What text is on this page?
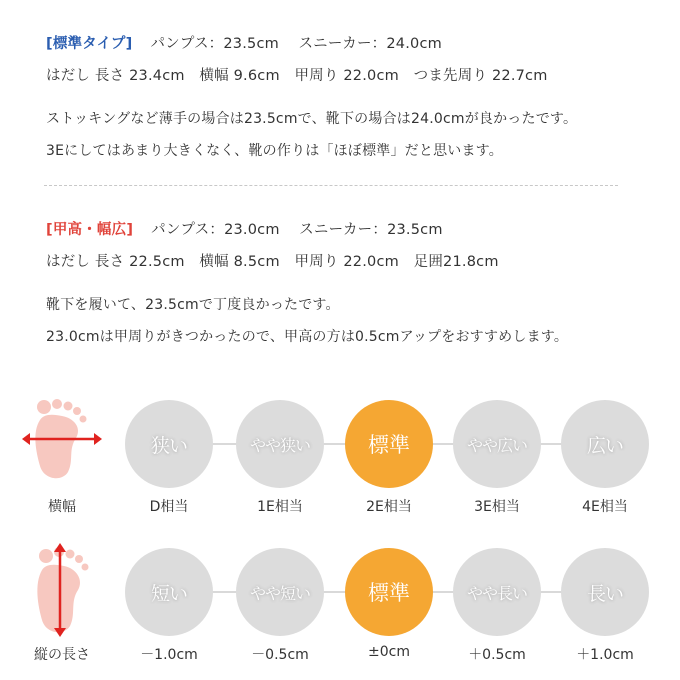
[標準タイプ] パンプス：23.5cm　 スニーカー：24.0cm
はだし 長さ 23.4cm　横幅 9.6cm　甲周り 22.0cm　つま先周り 22.7cm
ストッキングなど薄手の場合は23.5cmで、靴下の場合は24.0cmが良かったです。
3Eにしてはあまり大きくなく、靴の作りは「ほぼ標準」だと思います。
[甲高・幅広] パンプス：23.0cm　 スニーカー：23.5cm
はだし 長さ 22.5cm　横幅 8.5cm　甲周り 22.0cm　足囲21.8cm
靴下を履いて、23.5cmで丁度良かったです。
23.0cmは甲周りがきつかったので、甲高の方は0.5cmアップをおすすめします。
横幅
狭い	やや狭い	標準	やや広い	広い
D相当	1E相当	2E相当	3E相当	4E相当
縦の長さ
短い	やや短い	標準	やや長い	長い
－1.0cm	－0.5cm	±0cm	＋0.5cm	＋1.0cm
